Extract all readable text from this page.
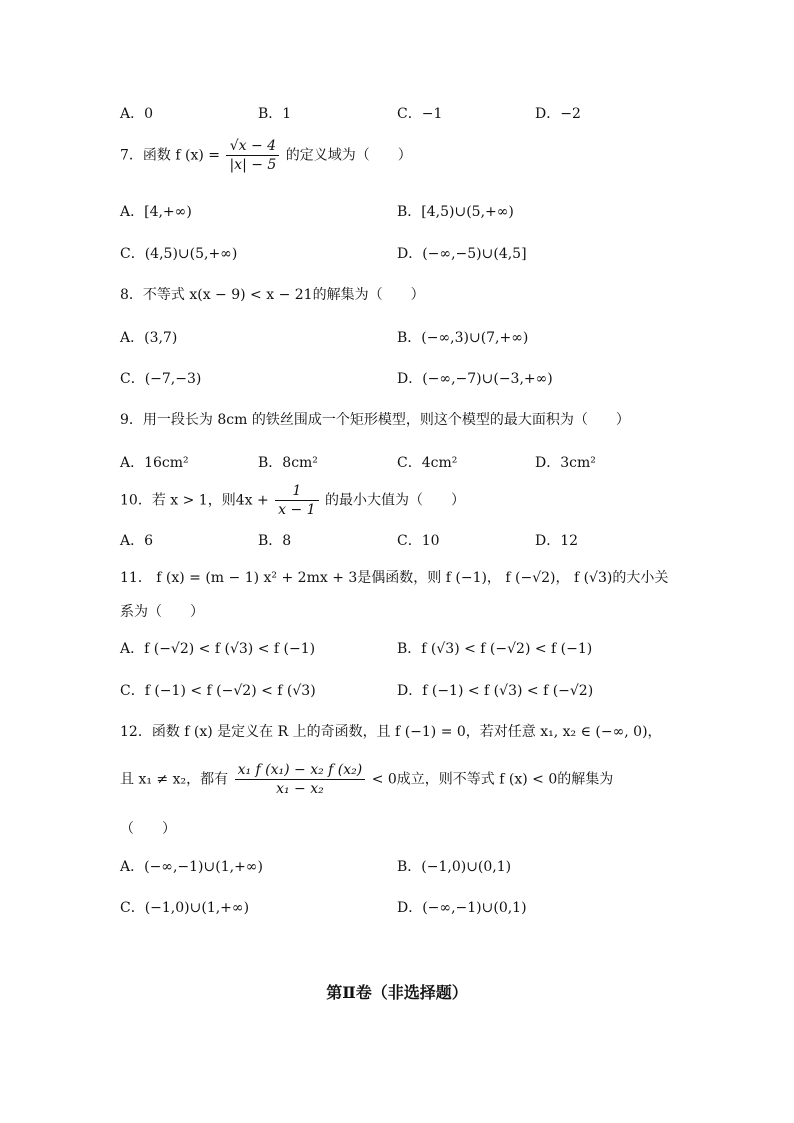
A．0	B．1	C．−1	D．−2
7．函数 f $(x) = \frac{√x - 4}{|x| - 5}$ 的定义域为（　　）
A．[4,+∞)	B．[4,5)∪(5,+∞)
C．(4,5)∪(5,+∞)	D．(−∞,−5)∪(4,5]
8．不等式 x(x − 9) < x − 21的解集为（　　）
A．(3,7)	B．(−∞,3)∪(7,+∞)
C．(−7,−3)	D．(−∞,−7)∪(−3,+∞)
9．用一段长为 8cm 的铁丝围成一个矩形模型，则这个模型的最大面积为（　　）
A．16cm²	B．8cm²	C．4cm²	D．3cm²
10．若 x > 1，则$4x + \frac{1}{x - 1}$ 的最小大值为（　　）
A．6	B．8	C．10	D．12
11． f (x) = (m − 1) x² + 2mx + 3是偶函数，则 f (−1)， f (−√2)， f (√3)的大小关
系为（　　）
A．f (−√2) < f (√3) < f (−1)	B．f (√3) < f (−√2) < f (−1)
C．f (−1) < f (−√2) < f (√3)	D．f (−1) < f (√3) < f (−√2)
12．函数 f (x) 是定义在 R 上的奇函数，且 f (−1) = 0，若对任意 x₁, x₂ ∈ (−∞, 0)，
且 x₁ ≠ x₂，都有 $\frac{\text{x₁ f (x₁) − x₂ f (x₂)}}{\text{x₁ − x₂}} < 0$成立，则不等式 f (x) < 0的解集为
（　　）
A．(−∞,−1)∪(1,+∞)	B．(−1,0)∪(0,1)
C．(−1,0)∪(1,+∞)	D．(−∞,−1)∪(0,1)
第Ⅱ卷（非选择题）
